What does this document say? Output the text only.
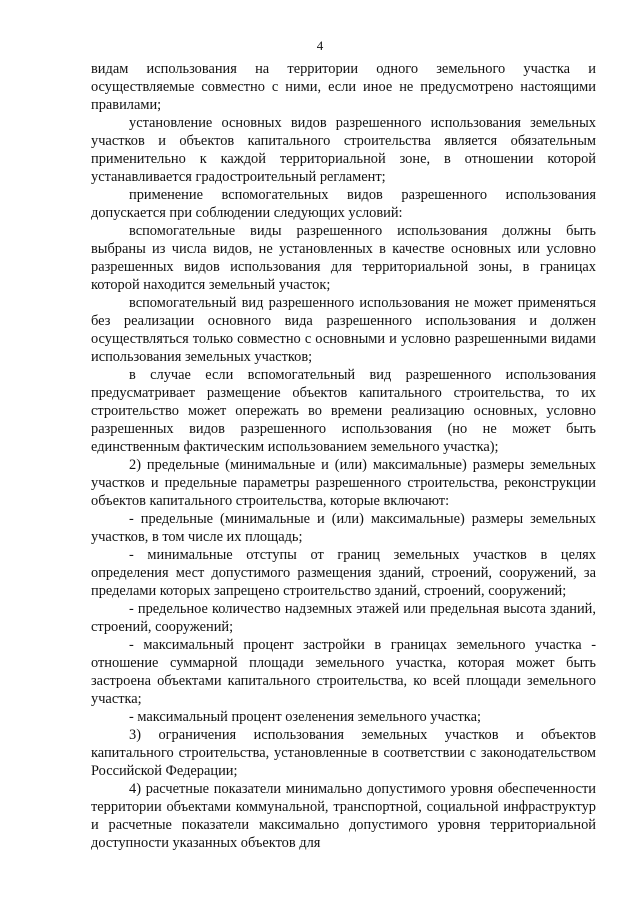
4

видам использования на территории одного земельного участка и осуществляемые совместно с ними, если иное не предусмотрено настоящими правилами;

установление основных видов разрешенного использования земельных участков и объектов капитального строительства является обязательным применительно к каждой территориальной зоне, в отношении которой устанавливается градостроительный регламент;

применение вспомогательных видов разрешенного использования допускается при соблюдении следующих условий:

вспомогательные виды разрешенного использования должны быть выбраны из числа видов, не установленных в качестве основных или условно разрешенных видов использования для территориальной зоны, в границах которой находится земельный участок;

вспомогательный вид разрешенного использования не может применяться без реализации основного вида разрешенного использования и должен осуществляться только совместно с основными и условно разрешенными видами использования земельных участков;

в случае если вспомогательный вид разрешенного использования предусматривает размещение объектов капитального строительства, то их строительство может опережать во времени реализацию основных, условно разрешенных видов разрешенного использования (но не может быть единственным фактическим использованием земельного участка);

2) предельные (минимальные и (или) максимальные) размеры земельных участков и предельные параметры разрешенного строительства, реконструкции объектов капитального строительства, которые включают:

- предельные (минимальные и (или) максимальные) размеры земельных участков, в том числе их площадь;

- минимальные отступы от границ земельных участков в целях определения мест допустимого размещения зданий, строений, сооружений, за пределами которых запрещено строительство зданий, строений, сооружений;

- предельное количество надземных этажей или предельная высота зданий, строений, сооружений;

- максимальный процент застройки в границах земельного участка - отношение суммарной площади земельного участка, которая может быть застроена объектами капитального строительства, ко всей площади земельного участка;

- максимальный процент озеленения земельного участка;

3) ограничения использования земельных участков и объектов капитального строительства, установленные в соответствии с законодательством Российской Федерации;

4) расчетные показатели минимально допустимого уровня обеспеченности территории объектами коммунальной, транспортной, социальной инфраструктур и расчетные показатели максимально допустимого уровня территориальной доступности указанных объектов для
